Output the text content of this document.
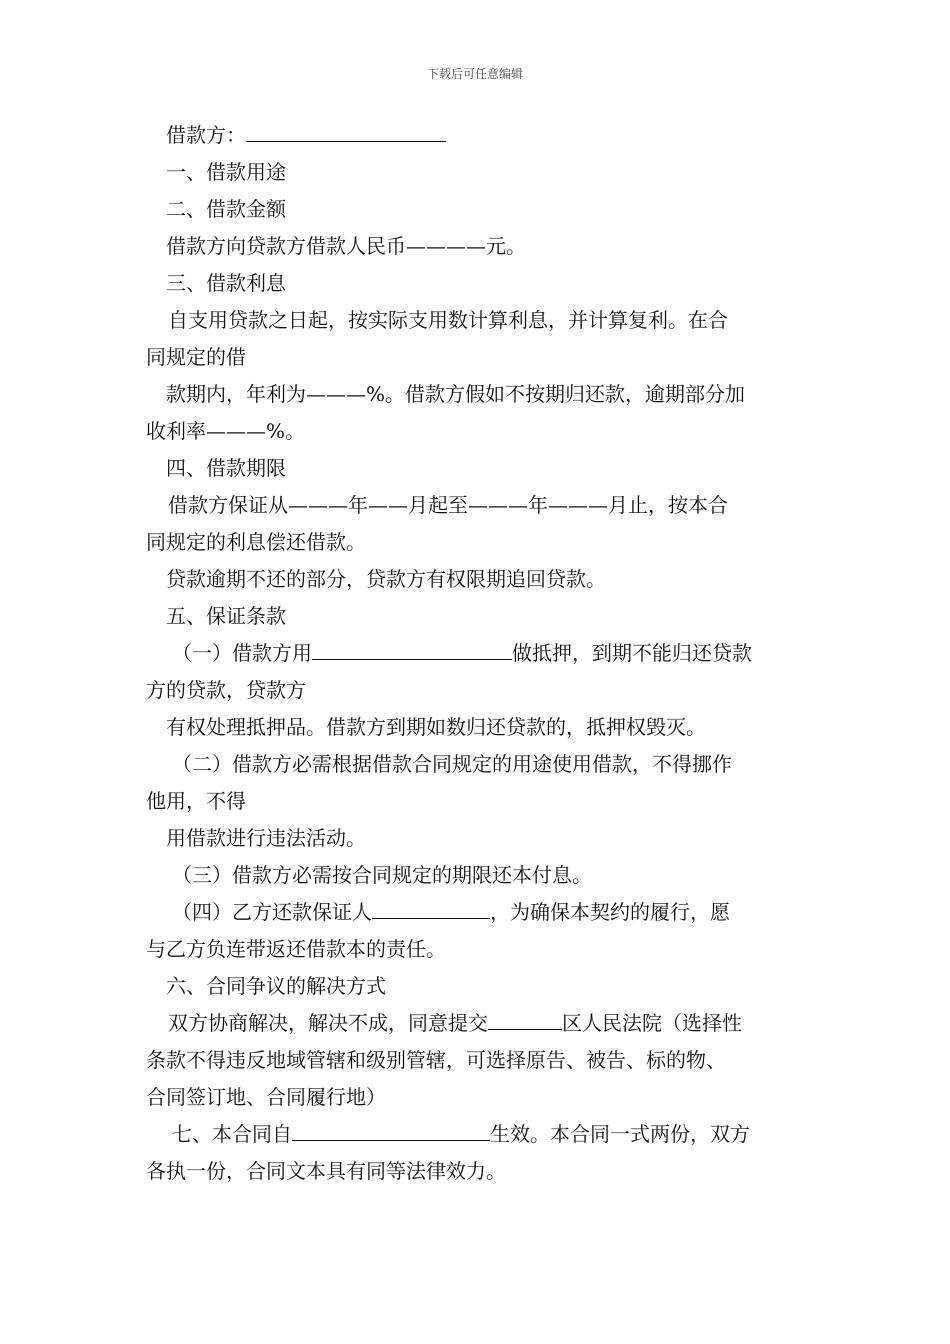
下载后可任意编辑
借款方：
一、借款用途
二、借款金额
借款方向贷款方借款人民币————元。
三、借款利息
自支用贷款之日起，按实际支用数计算利息，并计算复利。在合
同规定的借
款期内，年利为———%。借款方假如不按期归还款，逾期部分加
收利率———%。
四、借款期限
借款方保证从———年——月起至———年———月止，按本合
同规定的利息偿还借款。
贷款逾期不还的部分，贷款方有权限期追回贷款。
五、保证条款
（一）借款方用	做抵押，到期不能归还贷款
方的贷款，贷款方
有权处理抵押品。借款方到期如数归还贷款的，抵押权毁灭。
（二）借款方必需根据借款合同规定的用途使用借款，不得挪作
他用，不得
用借款进行违法活动。
（三）借款方必需按合同规定的期限还本付息。
（四）乙方还款保证人	，为确保本契约的履行，愿
与乙方负连带返还借款本的责任。
六、合同争议的解决方式
双方协商解决，解决不成，同意提交	区人民法院（选择性
条款不得违反地域管辖和级别管辖，可选择原告、被告、标的物、
合同签订地、合同履行地）
七、本合同自	生效。本合同一式两份，双方
各执一份，合同文本具有同等法律效力。
